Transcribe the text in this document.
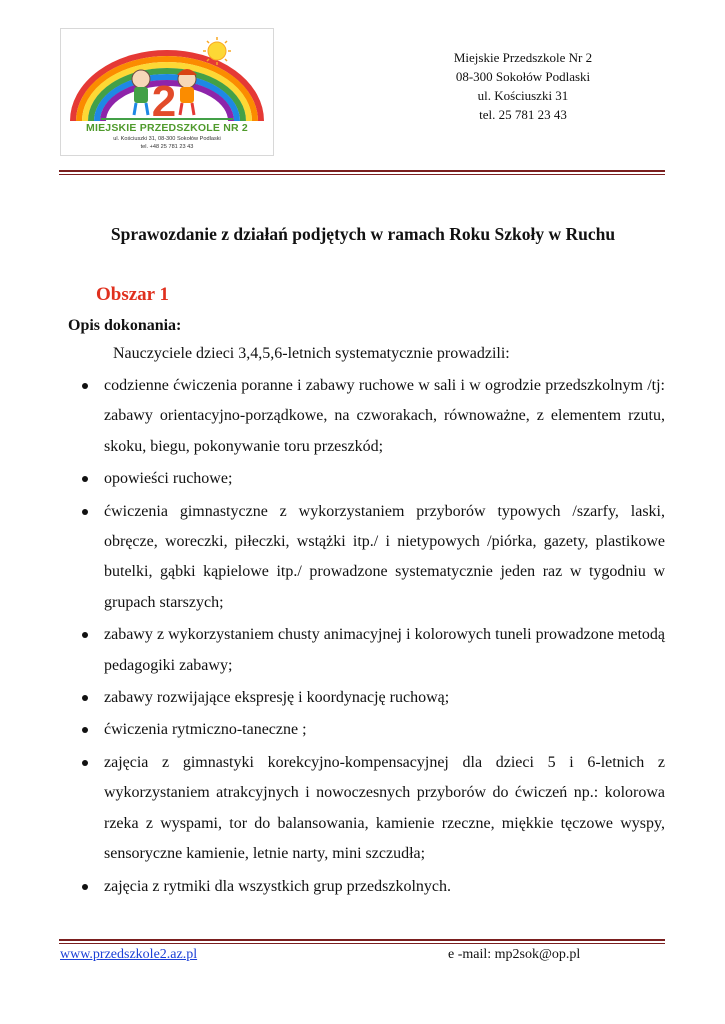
2
MIEJSKIE PRZEDSZKOLE NR 2
ul. Kościuszki 31, 08-300 Sokołów Podlaski
tel. +48 25 781 23 43
Miejskie Przedszkole Nr 2
08-300 Sokołów Podlaski
ul. Kościuszki 31
tel. 25 781 23 43
Sprawozdanie z działań podjętych w ramach Roku Szkoły w Ruchu
Obszar 1
Opis dokonania:
Nauczyciele dzieci 3,4,5,6-letnich systematycznie prowadzili:
codzienne ćwiczenia poranne i zabawy ruchowe w sali i w ogrodzie przedszkolnym /tj: zabawy orientacyjno-porządkowe, na czworakach, równoważne, z elementem rzutu, skoku, biegu, pokonywanie toru przeszkód;
opowieści ruchowe;
ćwiczenia gimnastyczne z wykorzystaniem przyborów typowych /szarfy, laski, obręcze, woreczki, piłeczki, wstążki itp./ i nietypowych /piórka, gazety, plastikowe butelki, gąbki kąpielowe itp./ prowadzone systematycznie jeden raz w tygodniu w grupach starszych;
zabawy z wykorzystaniem chusty animacyjnej i kolorowych tuneli prowadzone metodą pedagogiki zabawy;
zabawy rozwijające ekspresję i koordynację ruchową;
ćwiczenia rytmiczno-taneczne ;
zajęcia z gimnastyki korekcyjno-kompensacyjnej dla dzieci 5 i 6-letnich z wykorzystaniem atrakcyjnych i nowoczesnych przyborów do ćwiczeń np.: kolorowa rzeka z wyspami, tor do balansowania, kamienie rzeczne, miękkie tęczowe wyspy, sensoryczne kamienie, letnie narty, mini szczudła;
zajęcia z rytmiki dla wszystkich grup przedszkolnych.
www.przedszkole2.az.pl	e -mail: mp2sok@op.pl
